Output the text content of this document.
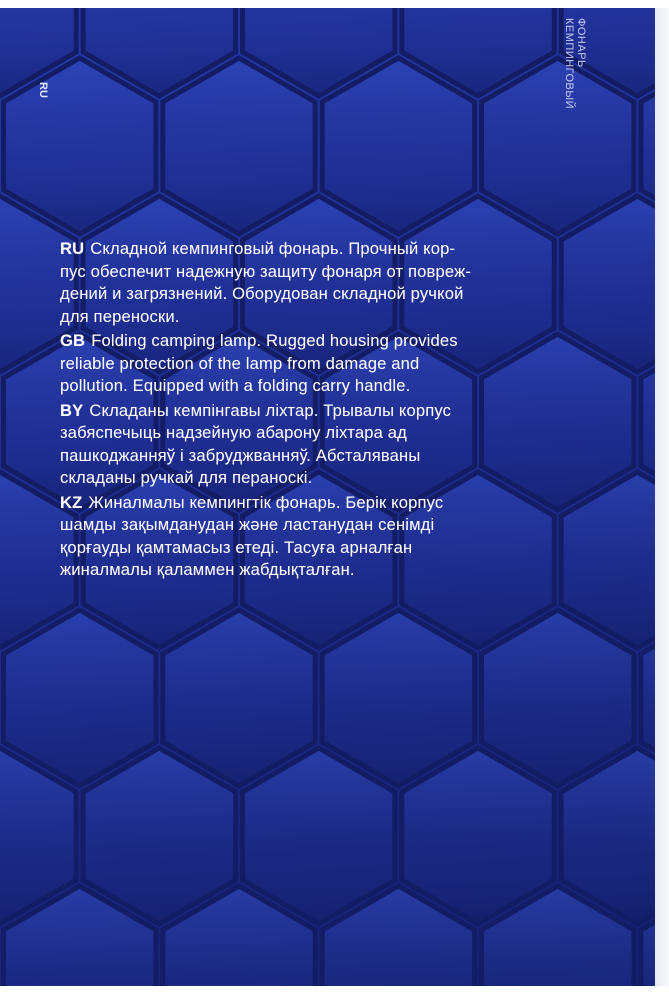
ФОНАРЬ КЕМПИНГОВЫЙ
RU

RU Складной кемпинговый фонарь. Прочный кор-
пус обеспечит надежную защиту фонаря от повреж-
дений и загрязнений. Оборудован складной ручкой
для переноски.

GB Folding camping lamp. Rugged housing provides
reliable protection of the lamp from damage and
pollution. Equipped with a folding carry handle.

BY Складаны кемпінгавы ліхтар. Трывалы корпус
забяспечыць надзейную абарону ліхтара ад
пашкоджанняў і забруджванняў. Абсталяваны
складаны ручкай для пераноскі.

KZ Жиналмалы кемпингтік фонарь. Берік корпус
шамды зақымданудан және ластанудан сенімді
қорғауды қамтамасыз етеді. Тасуға арналған
жиналмалы қаламмен жабдықталған.
